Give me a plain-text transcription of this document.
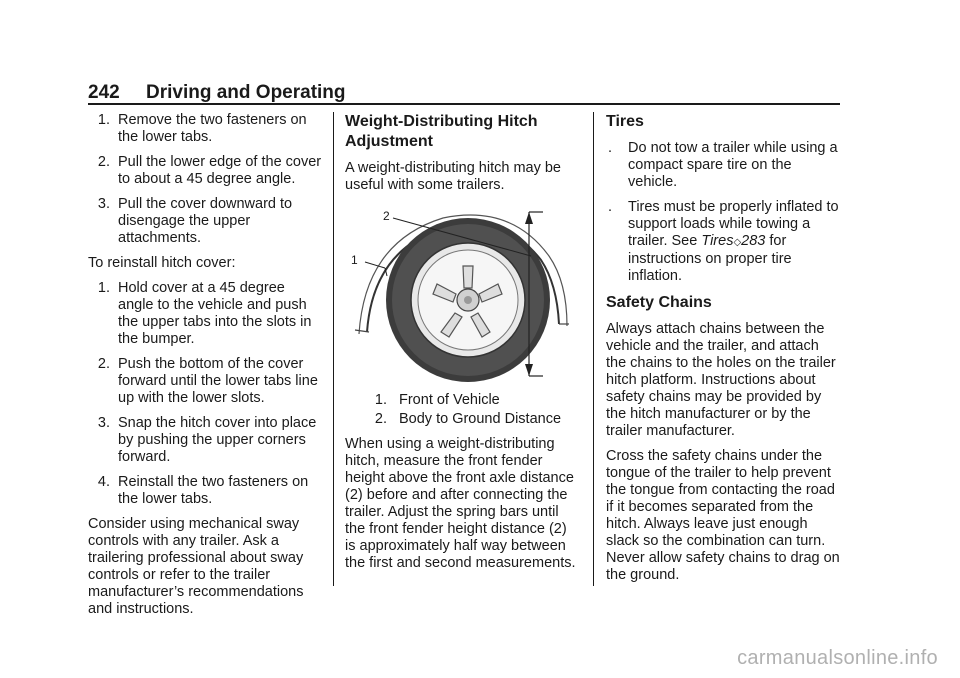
242 Driving and Operating
1. Remove the two fasteners on the lower tabs.
2. Pull the lower edge of the cover to about a 45 degree angle.
3. Pull the cover downward to disengage the upper attachments.

To reinstall hitch cover:

1. Hold cover at a 45 degree angle to the vehicle and push the upper tabs into the slots in the bumper.
2. Push the bottom of the cover forward until the lower tabs line up with the lower slots.
3. Snap the hitch cover into place by pushing the upper corners forward.
4. Reinstall the two fasteners on the lower tabs.

Consider using mechanical sway controls with any trailer. Ask a trailering professional about sway controls or refer to the trailer manufacturer’s recommendations and instructions.

Weight-Distributing Hitch Adjustment

A weight-distributing hitch may be useful with some trailers.

2
1
1. Front of Vehicle
2. Body to Ground Distance

When using a weight-distributing hitch, measure the front fender height above the front axle distance (2) before and after connecting the trailer. Adjust the spring bars until the front fender height distance (2) is approximately half way between the first and second measurements.

Tires
. Do not tow a trailer while using a compact spare tire on the vehicle.
. Tires must be properly inflated to support loads while towing a trailer. See Tires◇283 for instructions on proper tire inflation.
Safety Chains

Always attach chains between the vehicle and the trailer, and attach the chains to the holes on the trailer hitch platform. Instructions about safety chains may be provided by the hitch manufacturer or by the trailer manufacturer.

Cross the safety chains under the tongue of the trailer to help prevent the tongue from contacting the road if it becomes separated from the hitch. Always leave just enough slack so the combination can turn. Never allow safety chains to drag on the ground.

carmanualsonline.info
